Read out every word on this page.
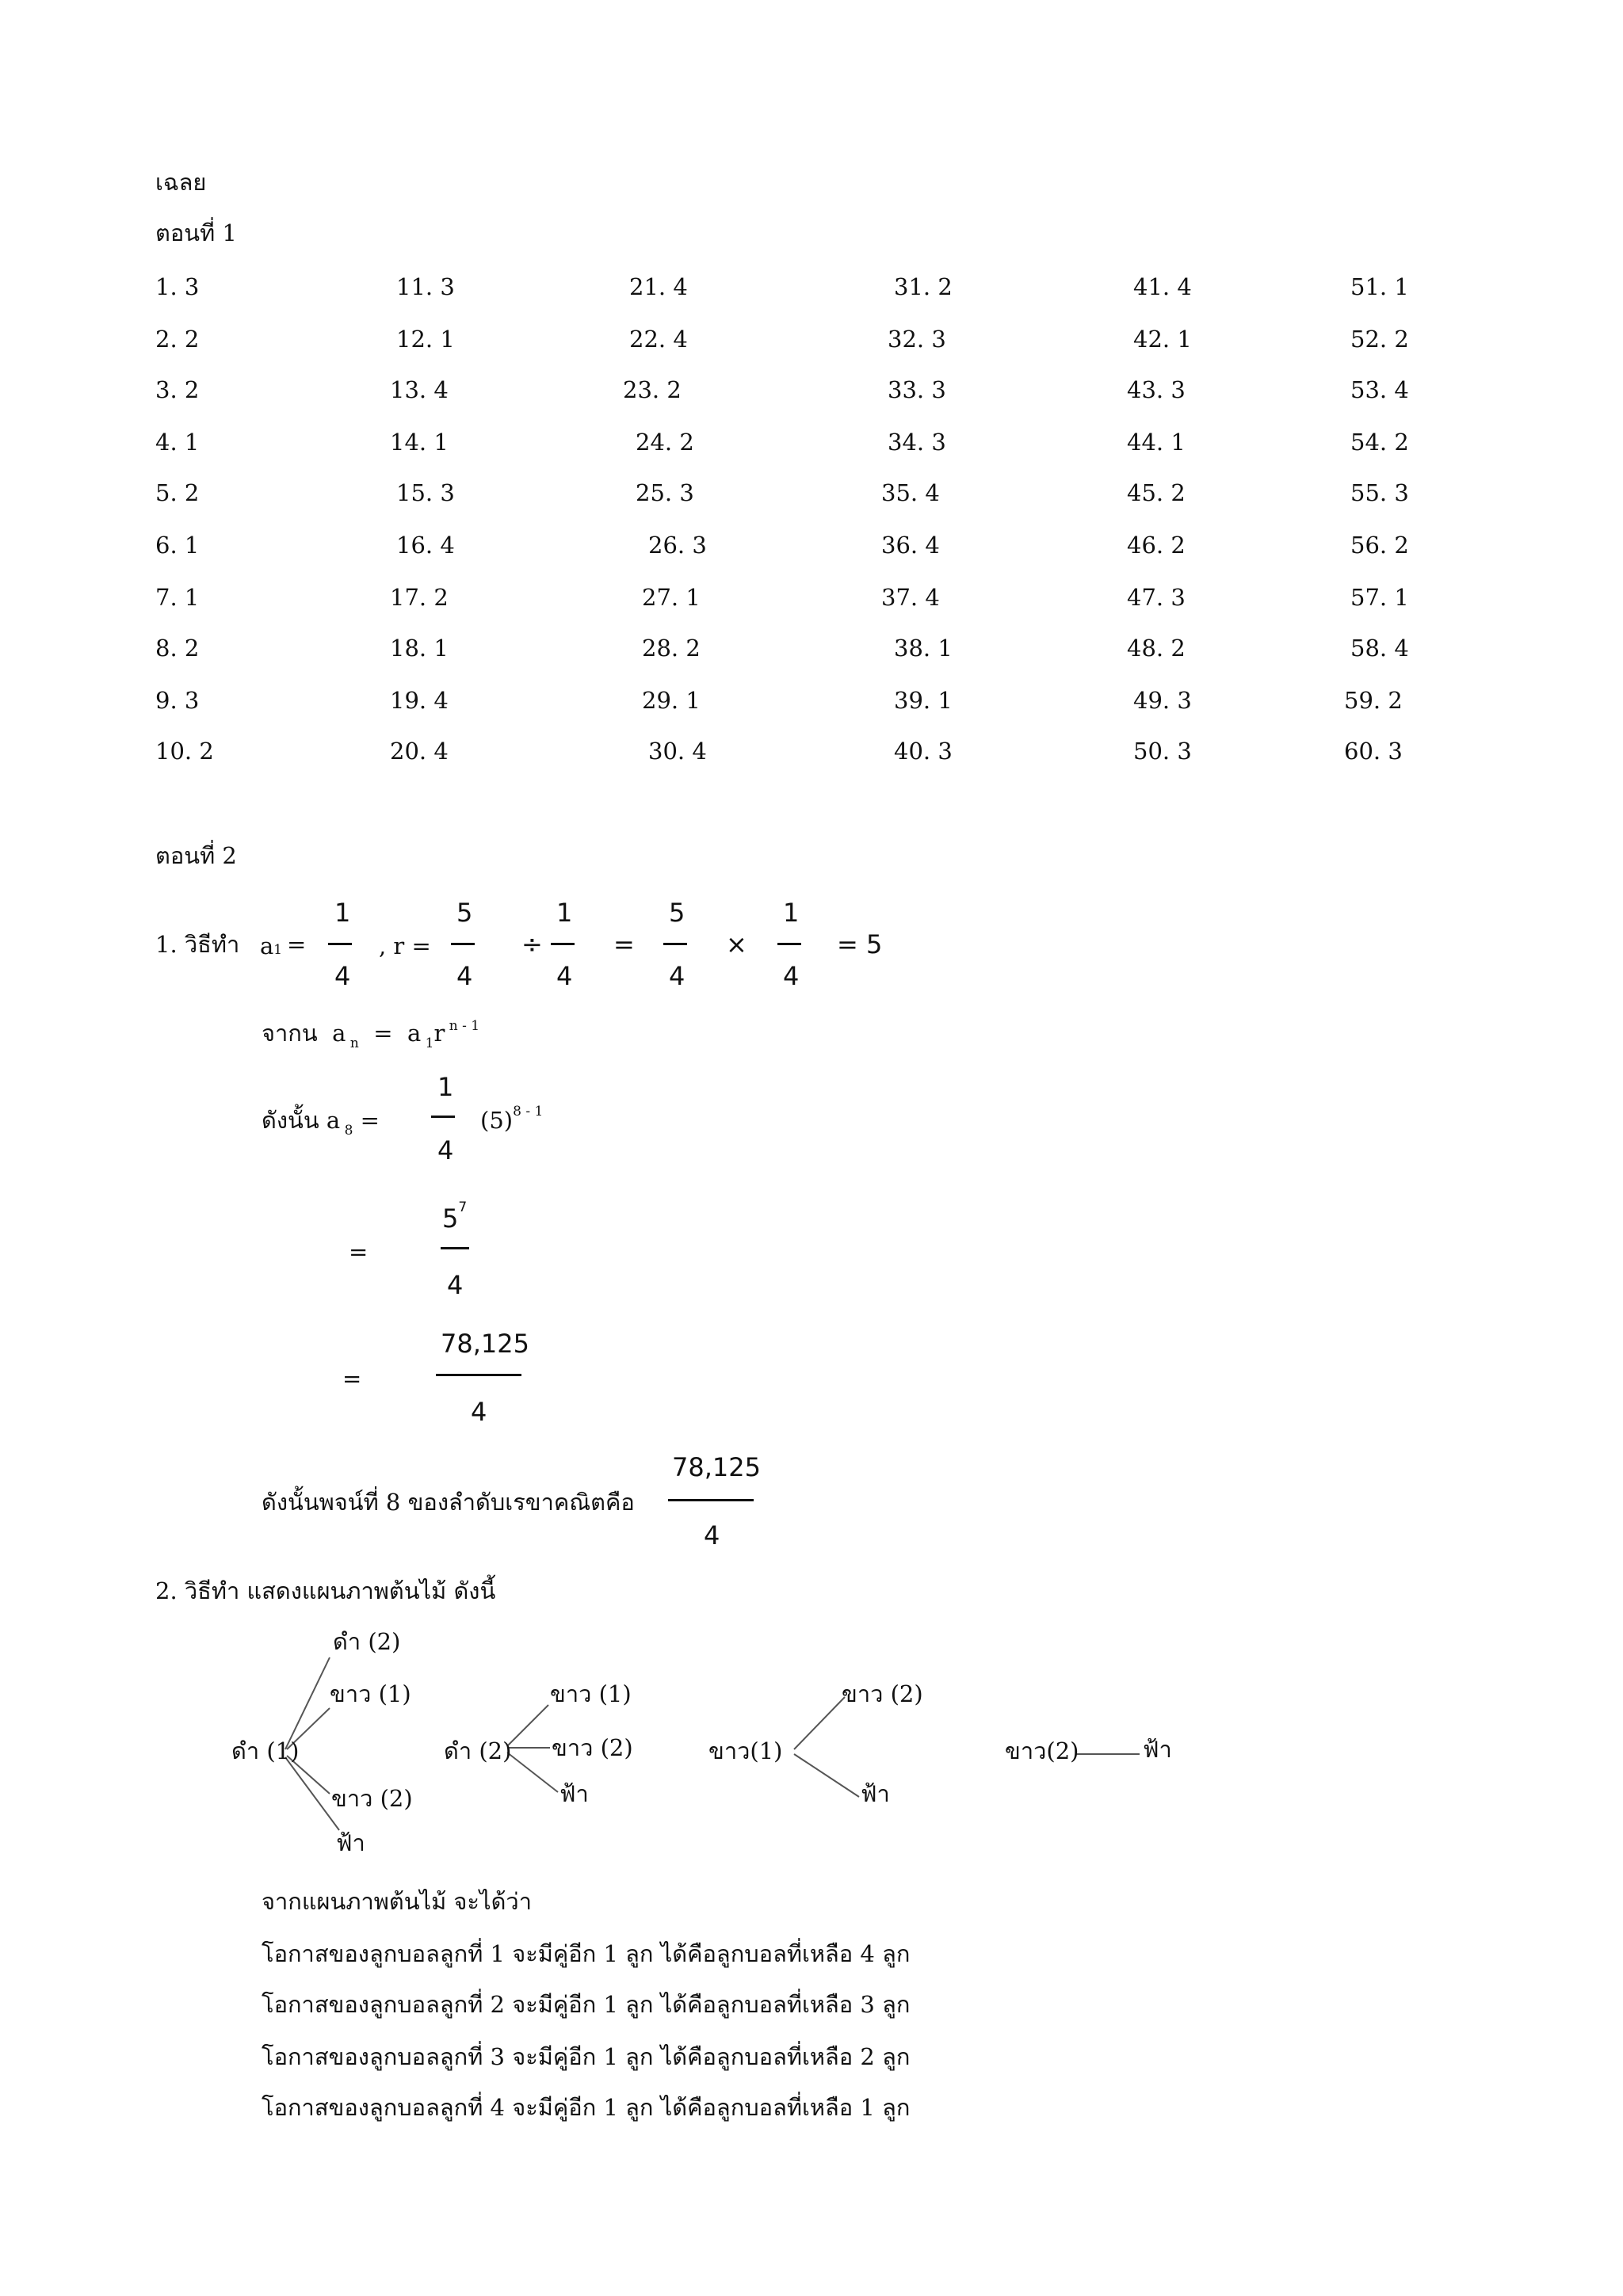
เฉลย
ตอนที่ 1
1. 3
2. 2
3. 2
4. 1
5. 2
6. 1
7. 1
8. 2
9. 3
10. 2
11. 3
12. 1
13. 4
14. 1
15. 3
16. 4
17. 2
18. 1
19. 4
20. 4
21. 4
22. 4
23. 2
24. 2
25. 3
26. 3
27. 1
28. 2
29. 1
30. 4
31. 2
32. 3
33. 3
34. 3
35. 4
36. 4
37. 4
38. 1
39. 1
40. 3
41. 4
42. 1
43. 3
44. 1
45. 2
46. 2
47. 3
48. 2
49. 3
50. 3
51. 1
52. 2
53. 4
54. 2
55. 3
56. 2
57. 1
58. 4
59. 2
60. 3
ตอนที่ 2
1. วิธีทำ a1 =
1
4
, r =
5
4
÷
1
4
=
5
4
×
1
4
= 5
จากน a $_n$ = a $_1$r $^{n - 1}$
ดังนั้น a $_8$ =
1
4
$(5)^{8 - 1}$
=
$5^7$
4
=
78,125
4
ดังนั้นพจน์ที่ 8 ของลำดับเรขาคณิตคือ
78,125
4
2. วิธีทำ แสดงแผนภาพต้นไม้ ดังนี้
ดำ (1)
ดำ (2)
ขาว (1)
ขาว (2)
ฟ้า
ดำ (2)
ขาว (1)
ขาว (2)
ฟ้า
ขาว(1)
ขาว (2)
ฟ้า
ขาว(2)	ฟ้า
จากแผนภาพต้นไม้ จะได้ว่า
โอกาสของลูกบอลลูกที่ 1 จะมีคู่อีก 1 ลูก ได้คือลูกบอลที่เหลือ 4 ลูก
โอกาสของลูกบอลลูกที่ 2 จะมีคู่อีก 1 ลูก ได้คือลูกบอลที่เหลือ 3 ลูก
โอกาสของลูกบอลลูกที่ 3 จะมีคู่อีก 1 ลูก ได้คือลูกบอลที่เหลือ 2 ลูก
โอกาสของลูกบอลลูกที่ 4 จะมีคู่อีก 1 ลูก ได้คือลูกบอลที่เหลือ 1 ลูก
